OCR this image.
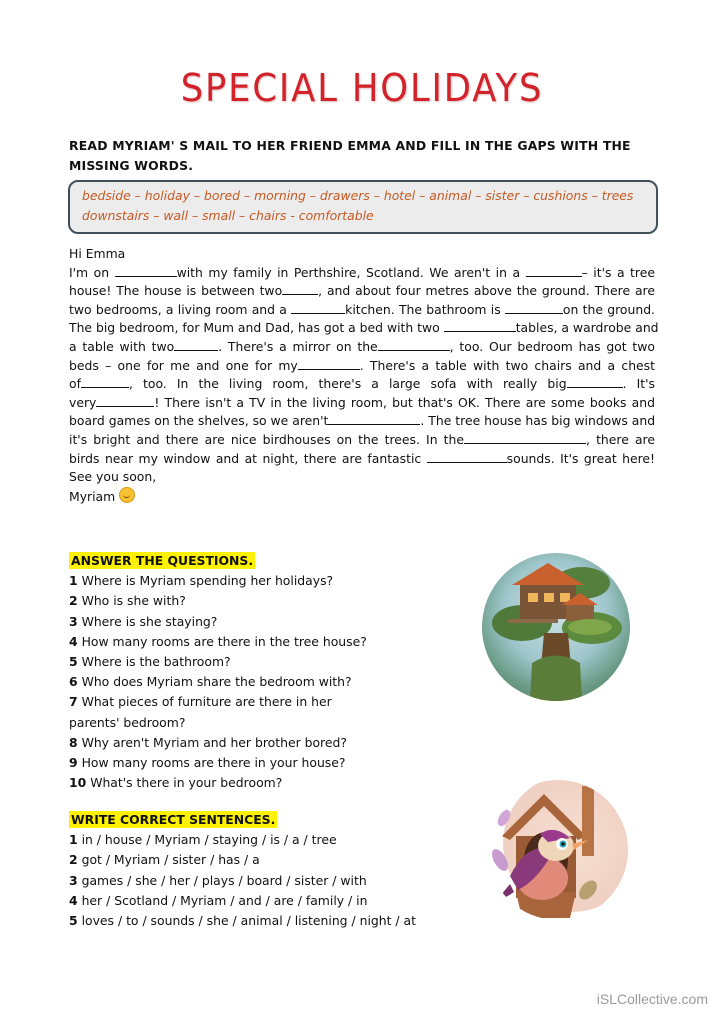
SPECIAL HOLIDAYS
READ MYRIAM' S MAIL TO HER FRIEND EMMA AND FILL IN THE GAPS WITH THE MISSING WORDS.
bedside – holiday – bored – morning – drawers – hotel – animal – sister – cushions – trees
downstairs – wall – small – chairs - comfortable

Hi Emma

I'm on	with my family in Perthshire, Scotland. We aren't in a	– it's a tree

house! The house is between two	, and about four metres above the ground. There are

two bedrooms, a living room and a	kitchen. The bathroom is	on the ground.

The big bedroom, for Mum and Dad, has got a bed with two	tables, a wardrobe and

a table with two	. There's a mirror on the	, too. Our bedroom has got two

beds – one for me and one for my	. There's a table with two chairs and a chest

of	, too. In the living room, there's a large sofa with really big	. It's

very	! There isn't a TV in the living room, but that's OK. There are some books and

board games on the shelves, so we aren't	. The tree house has big windows and

it's bright and there are nice birdhouses on the trees. In the	, there are

birds near my window and at night, there are fantastic	sounds. It's great here!

See you soon,

Myriam

ANSWER THE QUESTIONS.
1 Where is Myriam spending her holidays?
2 Who is she with?
3 Where is she staying?
4 How many rooms are there in the tree house?
5 Where is the bathroom?
6 Who does Myriam share the bedroom with?
7 What pieces of furniture are there in her
parents' bedroom?
8 Why aren't Myriam and her brother bored?
9 How many rooms are there in your house?
10 What's there in your bedroom?
WRITE CORRECT SENTENCES.
1 in / house / Myriam / staying / is / a / tree
2 got / Myriam / sister / has / a
3 games / she / her / plays / board / sister / with
4 her / Scotland / Myriam / and / are / family / in
5 loves / to / sounds / she / animal / listening / night / at
iSLCollective.com
